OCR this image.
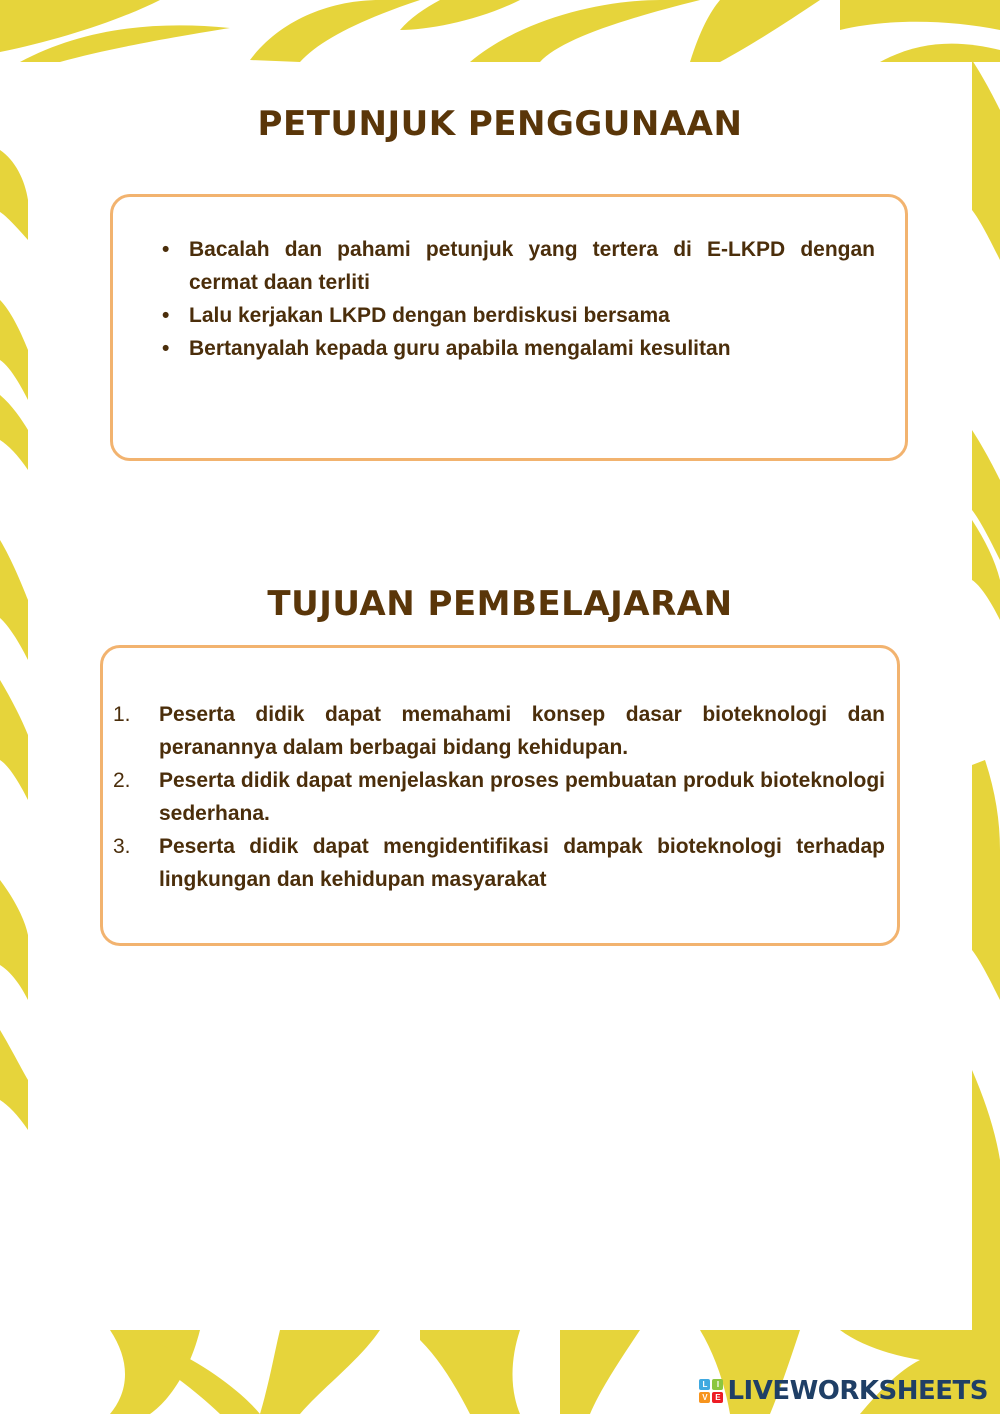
PETUNJUK PENGGUNAAN
• Bacalah dan pahami petunjuk yang tertera di E-LKPD dengan cermat daan terliti
• Lalu kerjakan LKPD dengan berdiskusi bersama
• Bertanyalah kepada guru apabila mengalami kesulitan
TUJUAN PEMBELAJARAN
1. Peserta didik dapat memahami konsep dasar bioteknologi dan peranannya dalam berbagai bidang kehidupan.
2. Peserta didik dapat menjelaskan proses pembuatan produk bioteknologi sederhana.
3. Peserta didik dapat mengidentifikasi dampak bioteknologi terhadap lingkungan dan kehidupan masyarakat
L	I
V E LIVEWORKSHEETS
